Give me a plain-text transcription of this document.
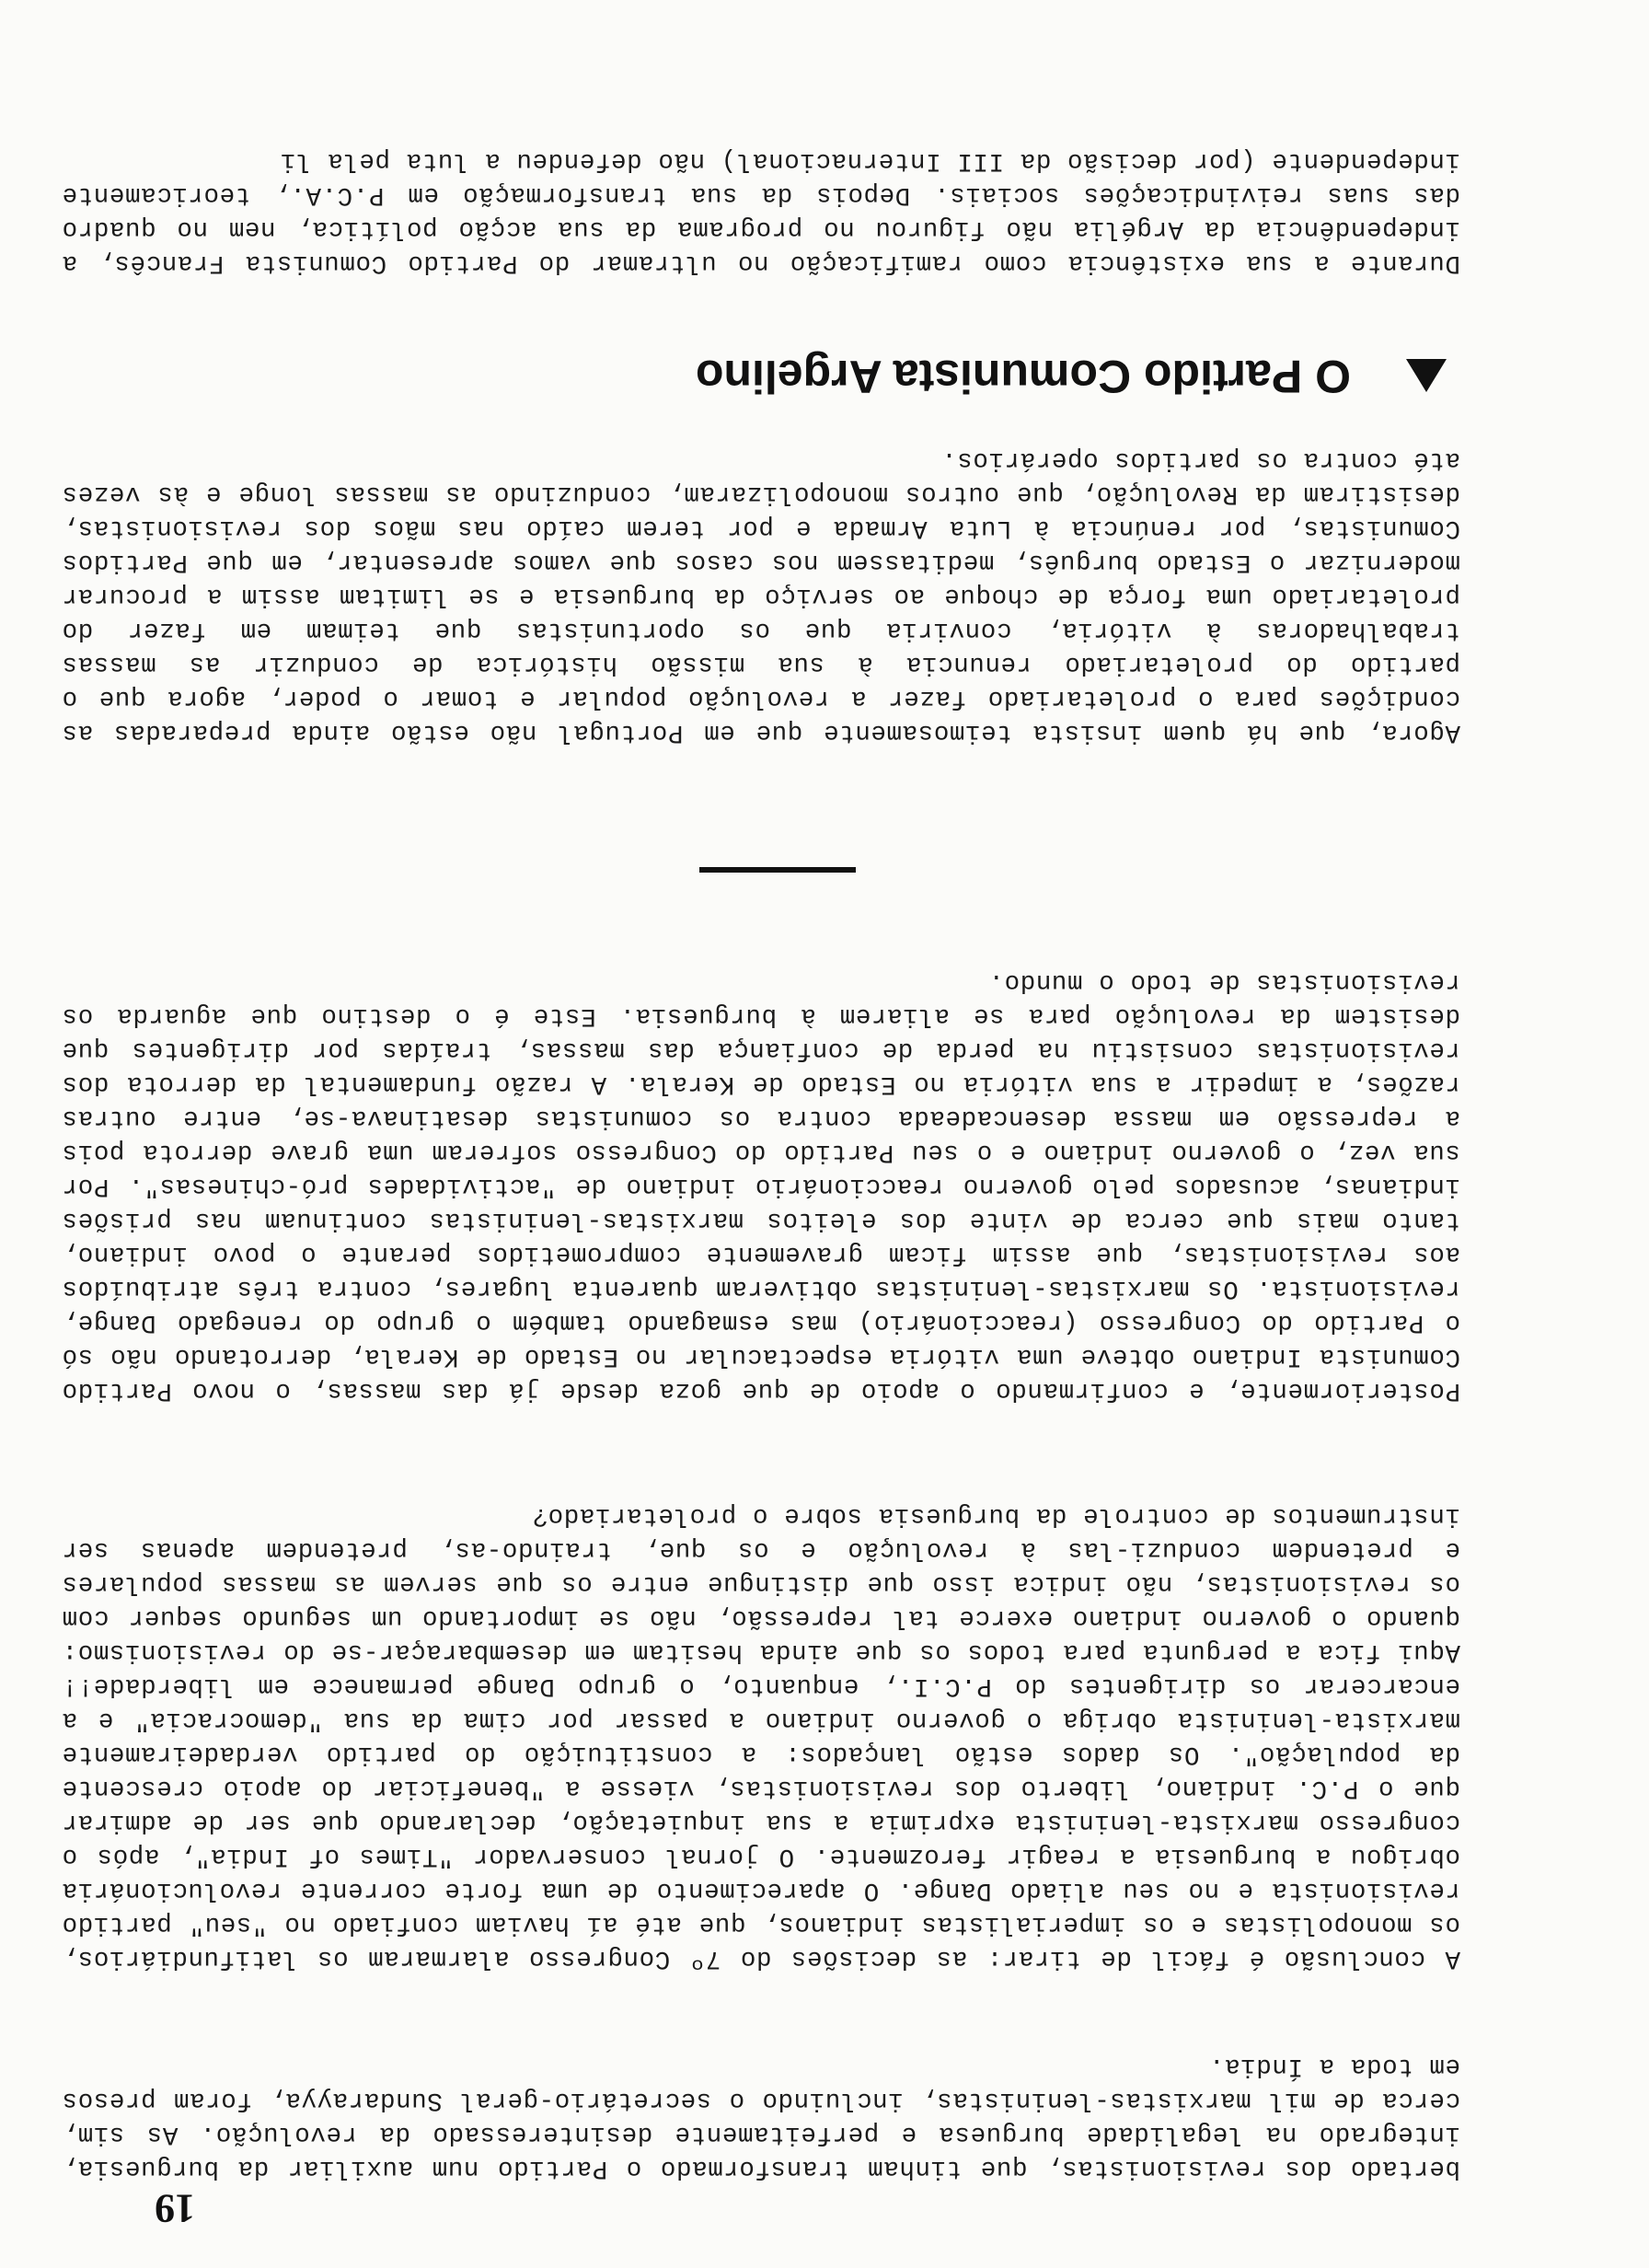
19

bertado dos revisionistas, que tinham transformado o Partido num auxiliar da burguesia, integrado na legalidade burguesa e perfeitamente desinteressado da revolução. As sim, cerca de mil marxistas-leninistas, incluindo o secretário-geral Sundarayya, foram presos em toda a Índia.

A conclusão é fácil de tirar: as decisões do 7º Congresso alarmaram os latifundiários, os monopolistas e os imperialistas indianos, que até aí haviam confiado no "seu" partido revisionista e no seu aliado Dange. O aparecimento de uma forte corrente revolucionária obrigou a burguesia a reagir ferozmente. O jornal conservador "Times of India", após o congresso marxista-leninista exprimia a sua inquietação, declarando que ser de admirar que o P.C. indiano, liberto dos revisionistas, viesse a "beneficiar do apoio crescente da população". Os dados estão lançados: a constituição do partido verdadeiramente marxista-leninista obriga o governo indiano a passar por cima da sua "democracia" e a encarcerar os dirigentes do P.C.I., enquanto, o grupo Dange permanece em liberdade!! Aqui fica a pergunta para todos os que ainda hesitam em desembaraçar-se do revisionismo: quando o governo indiano exerce tal repressão, não se importando um segundo sequer com os revisionistas, não indica isso que distingue entre os que servem as massas populares e pretendem conduzi-las à revolução e os que, traindo-as, pretendem apenas ser instrumentos de controle da burguesia sobre o proletariado?

Posteriormente, e confirmando o apoio de que goza desde já das massas, o novo Partido Comunista Indiano obteve uma vitória espectacular no Estado de Kerala, derrotando não só o Partido do Congresso (reaccionário) mas esmagando também o grupo do renegado Dange, revisionista. Os marxistas-leninistas obtiveram quarenta lugares, contra três atribuídos aos revisionistas, que assim ficam gravemente comprometidos perante o povo indiano, tanto mais que cerca de vinte dos eleitos marxistas-leninistas continuam nas prisões indianas, acusados pelo governo reaccionário indiano de "actividades pró-chinesas". Por sua vez, o governo indiano e o seu Partido do Congresso sofreram uma grave derrota pois a repressão em massa desencadeada contra os comunistas desatinava-se, entre outras razões, a impedir a sua vitória no Estado de Kerala. A razão fundamental da derrota dos revisionistas consistiu na perda de confiança das massas, traídas por dirigentes que desistem da revolução para se aliarem à burguesia. Este é o destino que aguarda os revisionistas de todo o mundo.

Agora, que há quem insista teimosamente que em Portugal não estão ainda preparadas as condições para o proletariado fazer a revolução popular e tomar o poder, agora que o partido do proletariado renuncia à sua missão histórica de conduzir as massas trabalhadoras à vitória, conviria que os oportunistas que teimam em fazer do proletariado uma força de choque ao serviço da burguesia e se limitam assim a procurar modernizar o Estado burguês, meditassem nos casos que vamos apresentar, em que Partidos Comunistas, por renúncia à Luta Armada e por terem caído nas mãos dos revisionistas, desistiram da Revolução, que outros monopolizaram, conduzindo as massas longe e às vezes até contra os partidos operários.

O Partido Comunista Argelino

Durante a sua existência como ramificação no ultramar do Partido Comunista Francês, a independência da Argélia não figurou no programa da sua acção política, nem no quadro das suas reivindicações sociais. Depois da sua transformação em P.C.A., teoricamente independente (por decisão da III Internacional) não defendeu a luta pela li
